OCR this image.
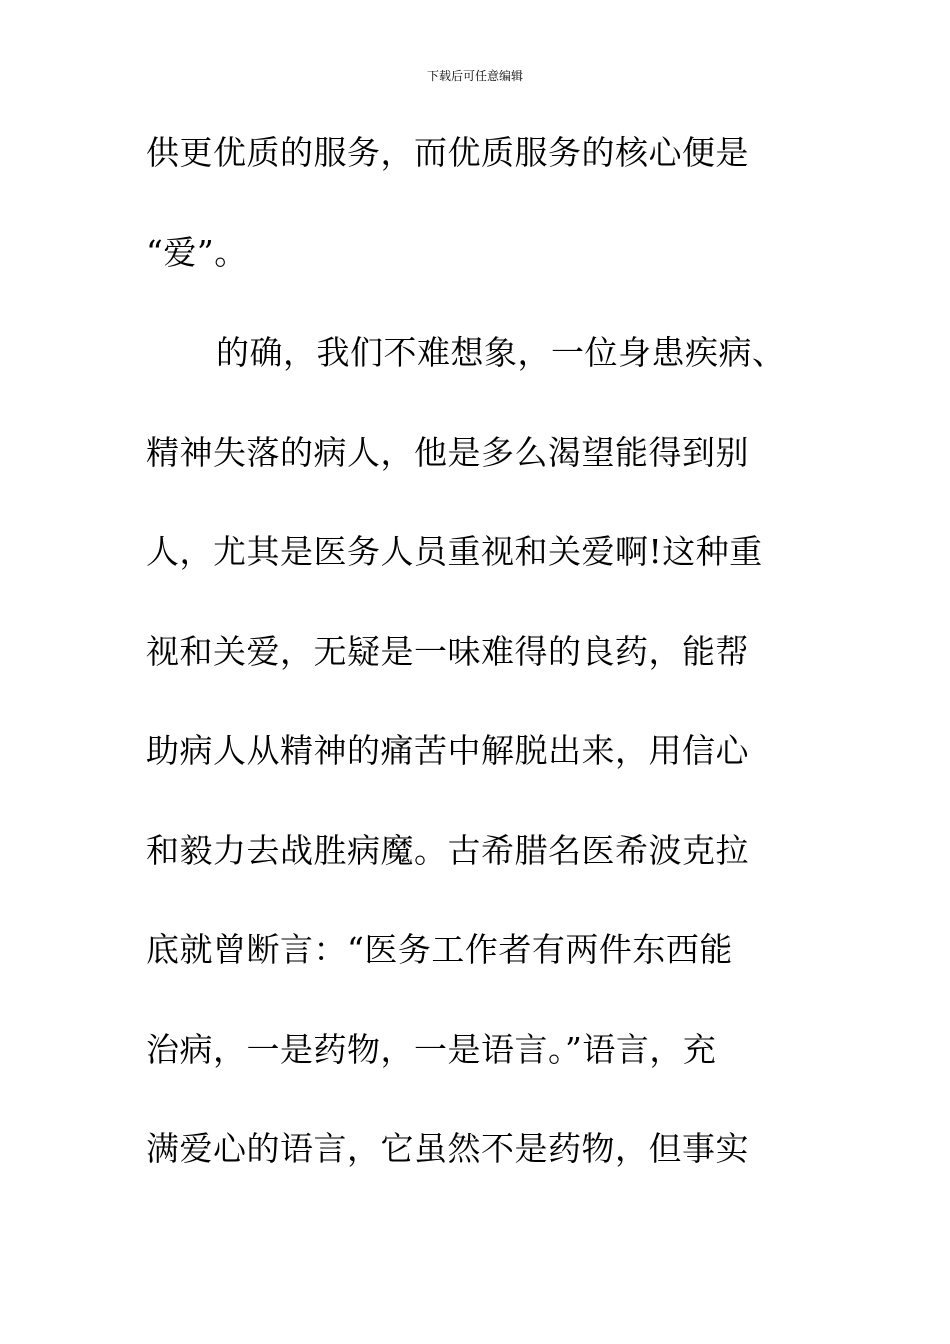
下载后可任意编辑
供更优质的服务，而优质服务的核心便是
“爱”。
的确，我们不难想象，一位身患疾病、
精神失落的病人，他是多么渴望能得到别
人，尤其是医务人员重视和关爱啊!这种重
视和关爱，无疑是一味难得的良药，能帮
助病人从精神的痛苦中解脱出来，用信心
和毅力去战胜病魔。古希腊名医希波克拉
底就曾断言：“医务工作者有两件东西能
治病，一是药物，一是语言。”语言，充
满爱心的语言，它虽然不是药物，但事实
